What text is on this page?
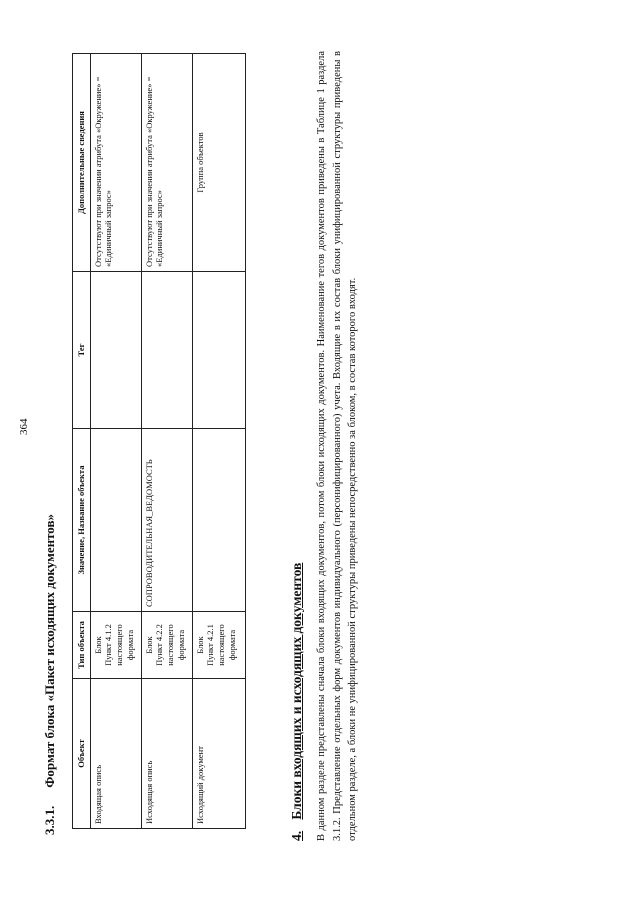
364
3.3.1. Формат блока «Пакет исходящих документов» Объект	Тип объекта	Значение, Название объекта	Тег	Дополнительные сведения
Входящая опись	Блок Пункт 4.1.2 настоящего формата			Отсутствуют при значении атрибута «Окружение» = «Единичный запрос»
Исходящая опись	Блок Пункт 4.2.2 настоящего формата	СОПРОВОДИТЕЛЬНАЯ_ВЕДОМОСТЬ		Отсутствуют при значении атрибута «Окружение» = «Единичный запрос»
Исходящий документ	Блок Пункт 4.2.1 настоящего формата			Группа объектов
4. Блоки входящих и исходящих документов В данном разделе представлены сначала блоки входящих документов, потом блоки исходящих документов. Наименование тегов документов приведены в Таблице 1 раздела 3.1.2. Представление отдельных форм документов индивидуального (персонифицированного) учета. Входящие в их состав блоки унифицированной структуры приведены в отдельном разделе, а блоки не унифицированной структуры приведены непосредственно за блоком, в состав которого входят.
